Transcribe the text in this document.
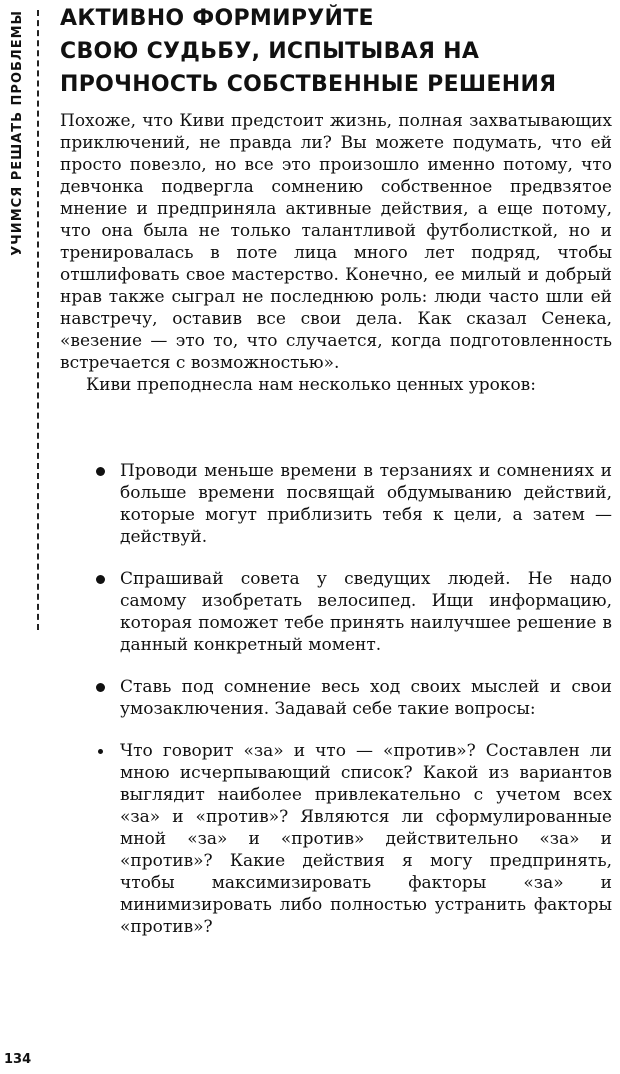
УЧИМСЯ РЕШАТЬ ПРОБЛЕМЫ АКТИВНО ФОРМИРУЙТЕ
СВОЮ СУДЬБУ, ИСПЫТЫВАЯ НА
ПРОЧНОСТЬ СОБСТВЕННЫЕ РЕШЕНИЯ

Похоже, что Киви предстоит жизнь, полная захватывающих приключений, не правда ли? Вы можете подумать, что ей просто повезло, но все это произошло именно потому, что девчонка подвергла сомнению собственное предвзятое мнение и предприняла активные действия, а еще потому, что она была не только талантливой футболисткой, но и тренировалась в поте лица много лет подряд, чтобы отшлифовать свое мастерство. Конечно, ее милый и добрый нрав также сыграл не последнюю роль: люди часто шли ей навстречу, оставив все свои дела. Как сказал Сенека, «везение — это то, что случается, когда подготовленность встречается с возможностью».

Киви преподнесла нам несколько ценных уроков:

Проводи меньше времени в терзаниях и сомнениях и больше времени посвящай обдумыванию действий, которые могут приблизить тебя к цели, а затем — действуй.
Спрашивай совета у сведущих людей. Не надо самому изобретать велосипед. Ищи информацию, которая поможет тебе принять наилучшее решение в данный конкретный момент.
Ставь под сомнение весь ход своих мыслей и свои умозаключения. Задавай себе такие вопросы:
Что говорит «за» и что — «против»? Составлен ли мною исчерпывающий список? Какой из вариантов выглядит наиболее привлекательно с учетом всех «за» и «против»? Являются ли сформулированные мной «за» и «против» действительно «за» и «против»? Какие действия я могу предпринять, чтобы максимизировать факторы «за» и минимизировать либо полностью устранить факторы «против»?
134
